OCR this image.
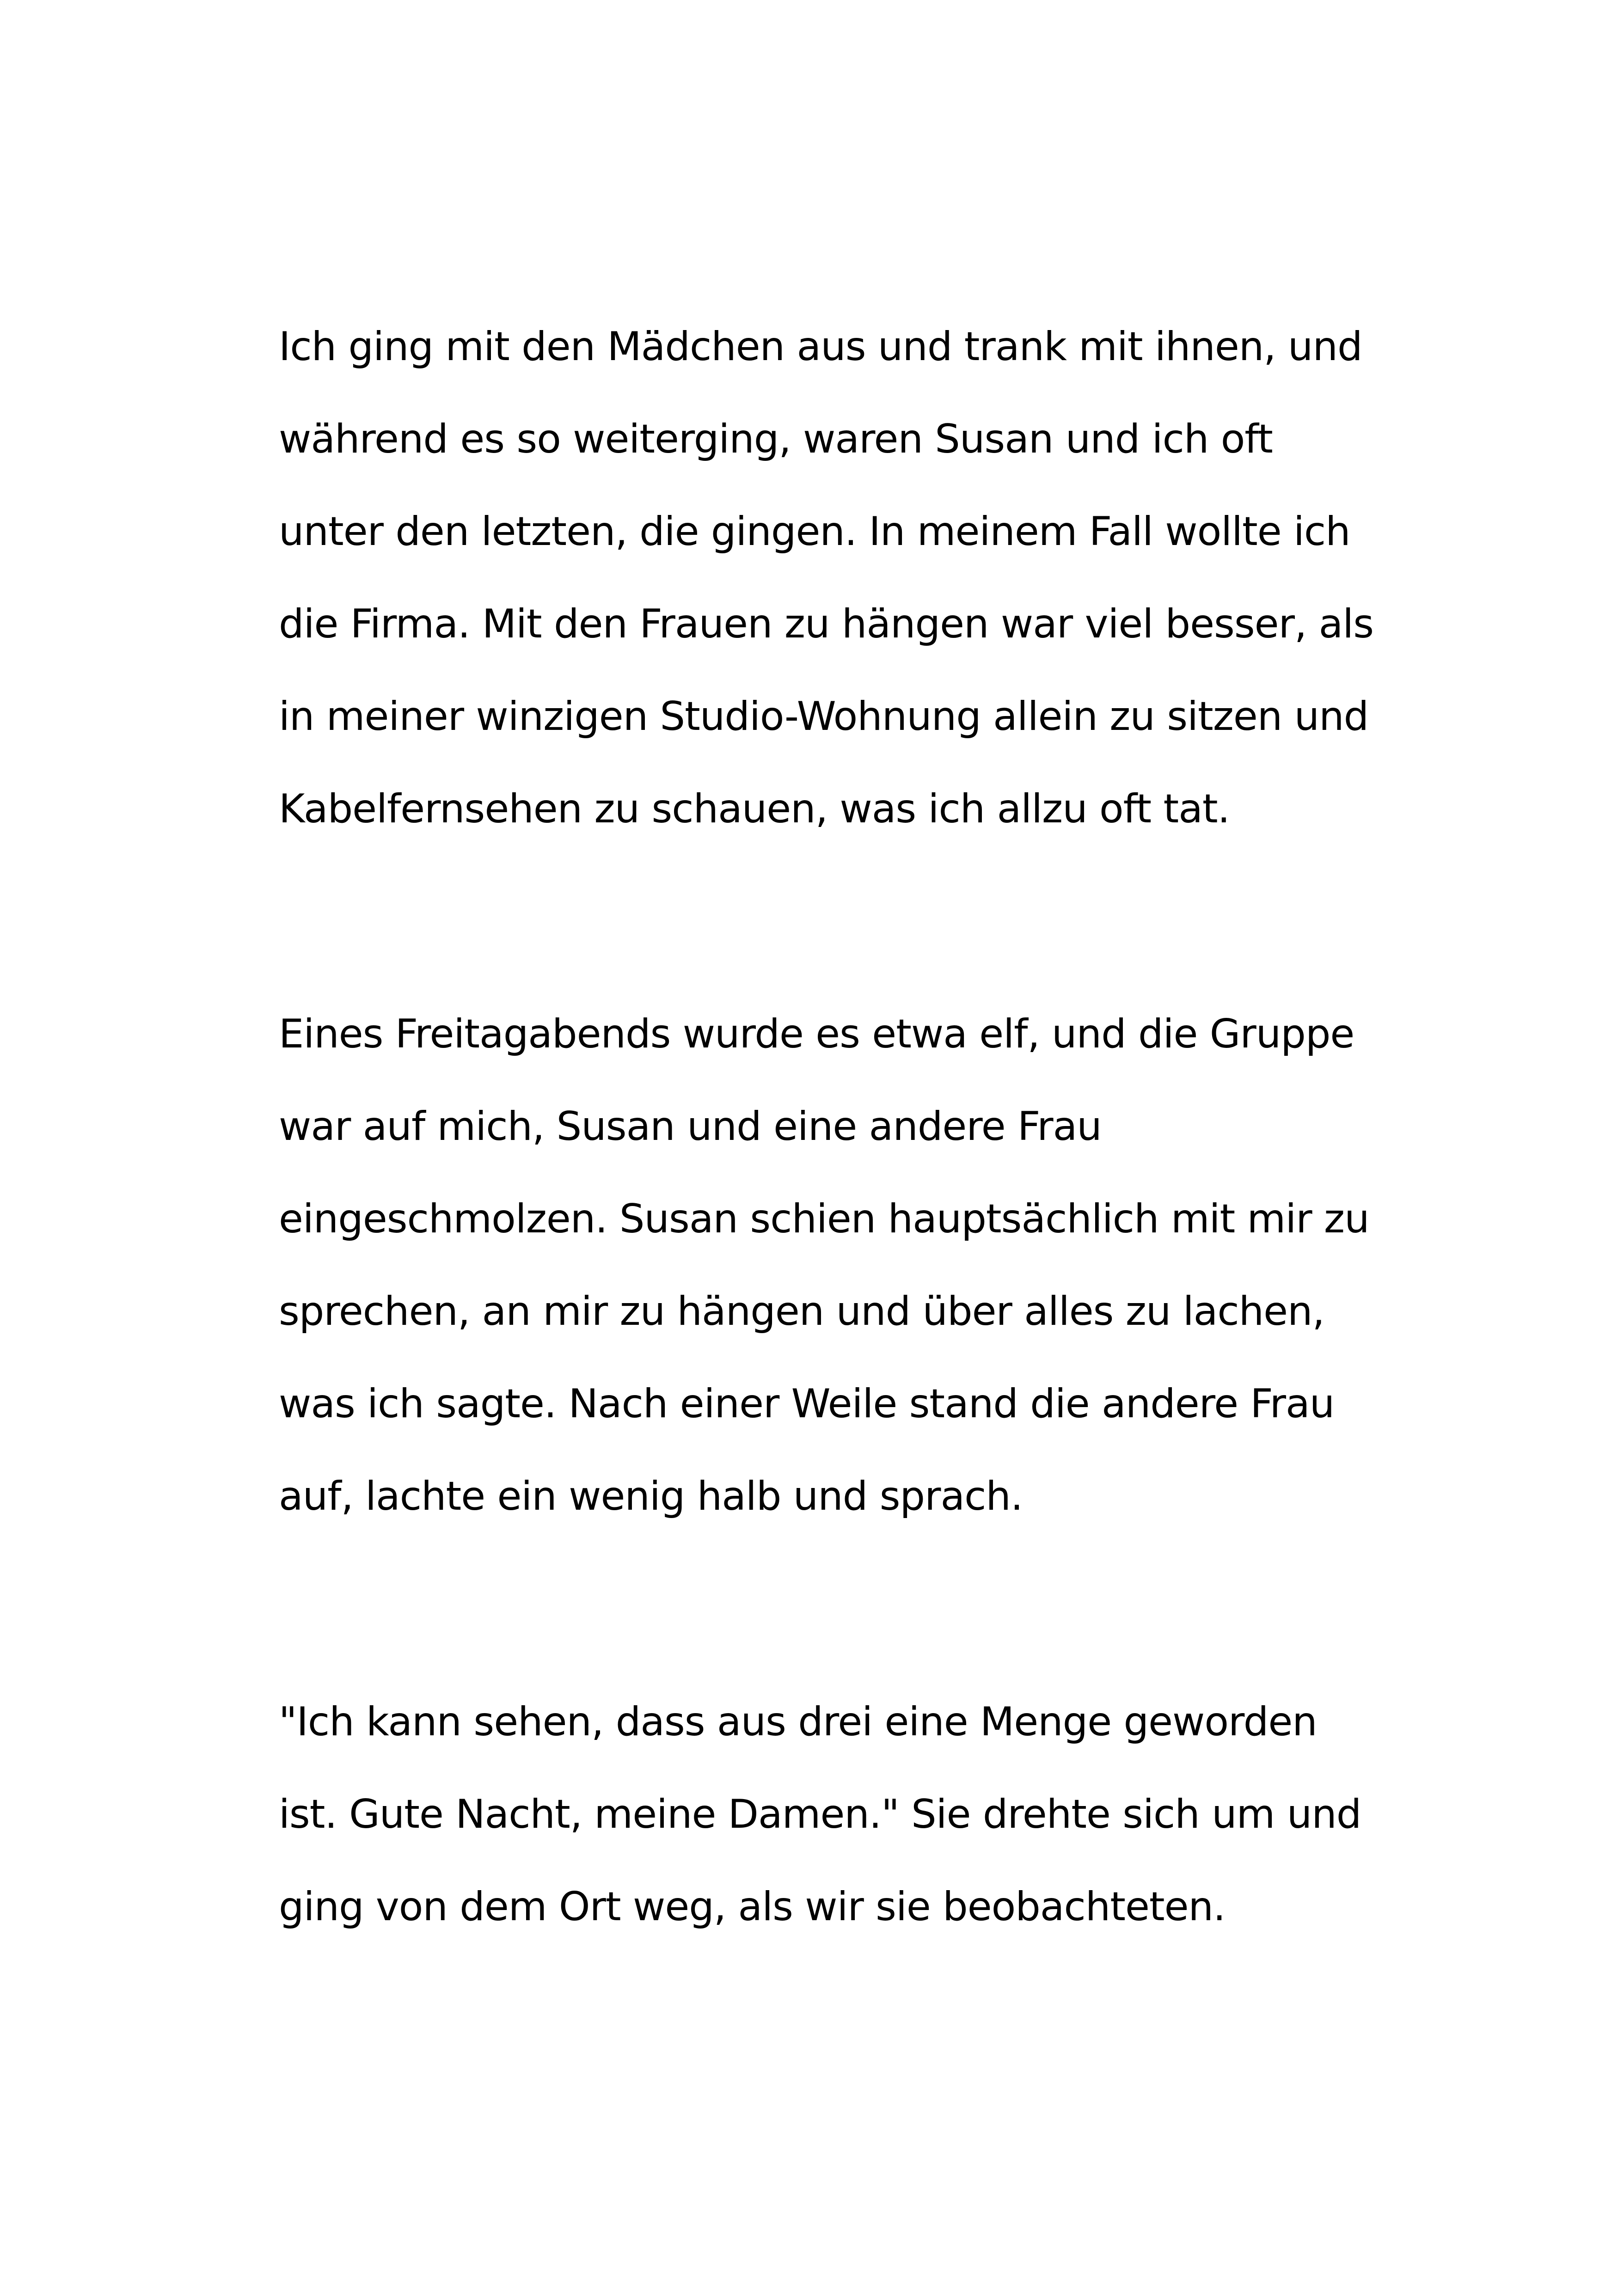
Ich ging mit den Mädchen aus und trank mit ihnen, und
während es so weiterging, waren Susan und ich oft
unter den letzten, die gingen. In meinem Fall wollte ich
die Firma. Mit den Frauen zu hängen war viel besser, als
in meiner winzigen Studio-Wohnung allein zu sitzen und
Kabelfernsehen zu schauen, was ich allzu oft tat.
Eines Freitagabends wurde es etwa elf, und die Gruppe
war auf mich, Susan und eine andere Frau
eingeschmolzen. Susan schien hauptsächlich mit mir zu
sprechen, an mir zu hängen und über alles zu lachen,
was ich sagte. Nach einer Weile stand die andere Frau
auf, lachte ein wenig halb und sprach.
"Ich kann sehen, dass aus drei eine Menge geworden
ist. Gute Nacht, meine Damen." Sie drehte sich um und
ging von dem Ort weg, als wir sie beobachteten.
